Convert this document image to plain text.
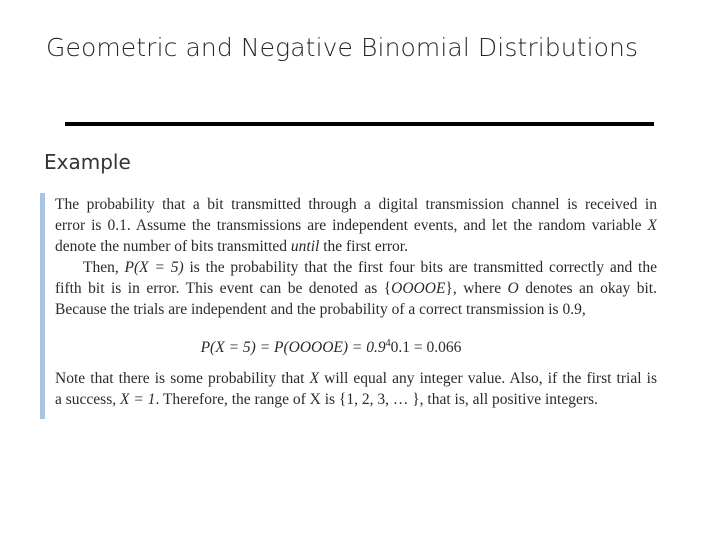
Geometric and Negative Binomial Distributions
Example
The probability that a bit transmitted through a digital transmission channel is received in
error is 0.1. Assume the transmissions are independent events, and let the random variable X
denote the number of bits transmitted until the first error.
Then, P(X = 5) is the probability that the first four bits are transmitted correctly and the
fifth bit is in error. This event can be denoted as {OOOOE}, where O denotes an okay bit.
Because the trials are independent and the probability of a correct transmission is 0.9,
P(X = 5) = P(OOOOE) = $0.9^40.1 = 0.066$
Note that there is some probability that X will equal any integer value. Also, if the first trial is
a success, X = 1. Therefore, the range of X is {1, 2, 3, … }, that is, all positive integers.
